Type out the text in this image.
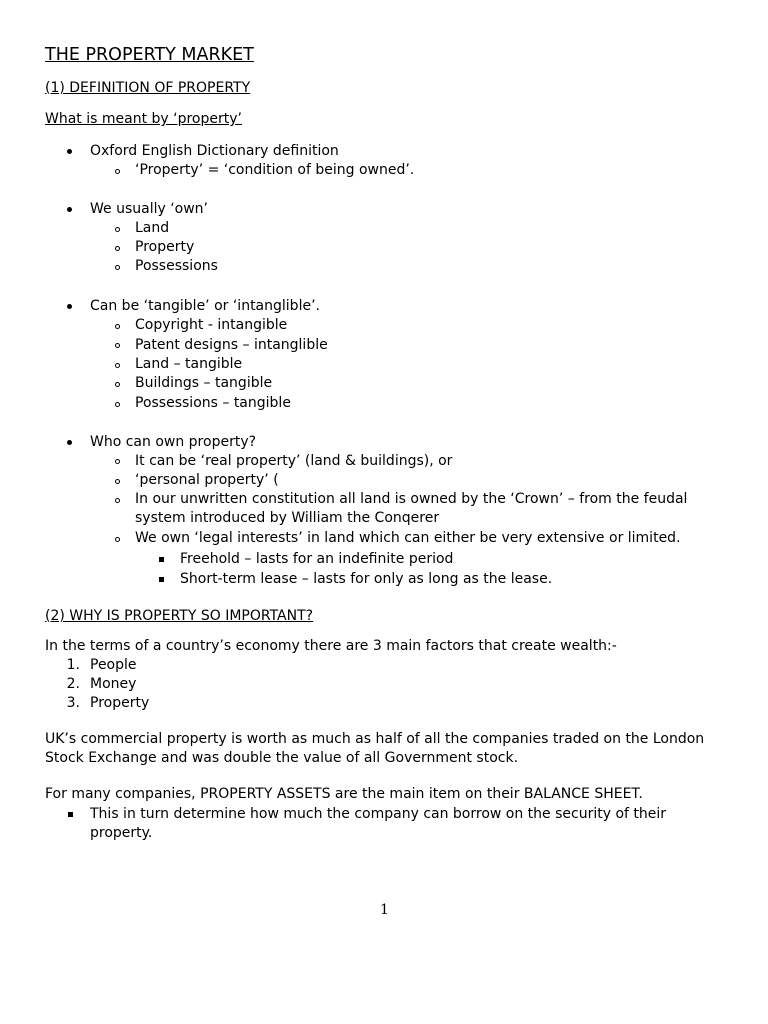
THE PROPERTY MARKET
(1) DEFINITION OF PROPERTY
What is meant by ‘property’
Oxford English Dictionary definition
‘Property’ = ‘condition of being owned’.
We usually ‘own’
Land
Property
Possessions
Can be ‘tangible’ or ‘intanglible’.
Copyright - intangible
Patent designs – intanglible
Land – tangible
Buildings – tangible
Possessions – tangible
Who can own property?
It can be ‘real property’ (land & buildings), or
‘personal property’ (
In our unwritten constitution all land is owned by the ‘Crown’ – from the feudal
system introduced by William the Conqerer
We own ‘legal interests’ in land which can either be very extensive or limited.
Freehold – lasts for an indefinite period
Short-term lease – lasts for only as long as the lease.
(2) WHY IS PROPERTY SO IMPORTANT?
In the terms of a country’s economy there are 3 main factors that create wealth:-
1. People
2. Money
3. Property
UK’s commercial property is worth as much as half of all the companies traded on the London
Stock Exchange and was double the value of all Government stock.
For many companies, PROPERTY ASSETS are the main item on their BALANCE SHEET.
This in turn determine how much the company can borrow on the security of their
property.
1
